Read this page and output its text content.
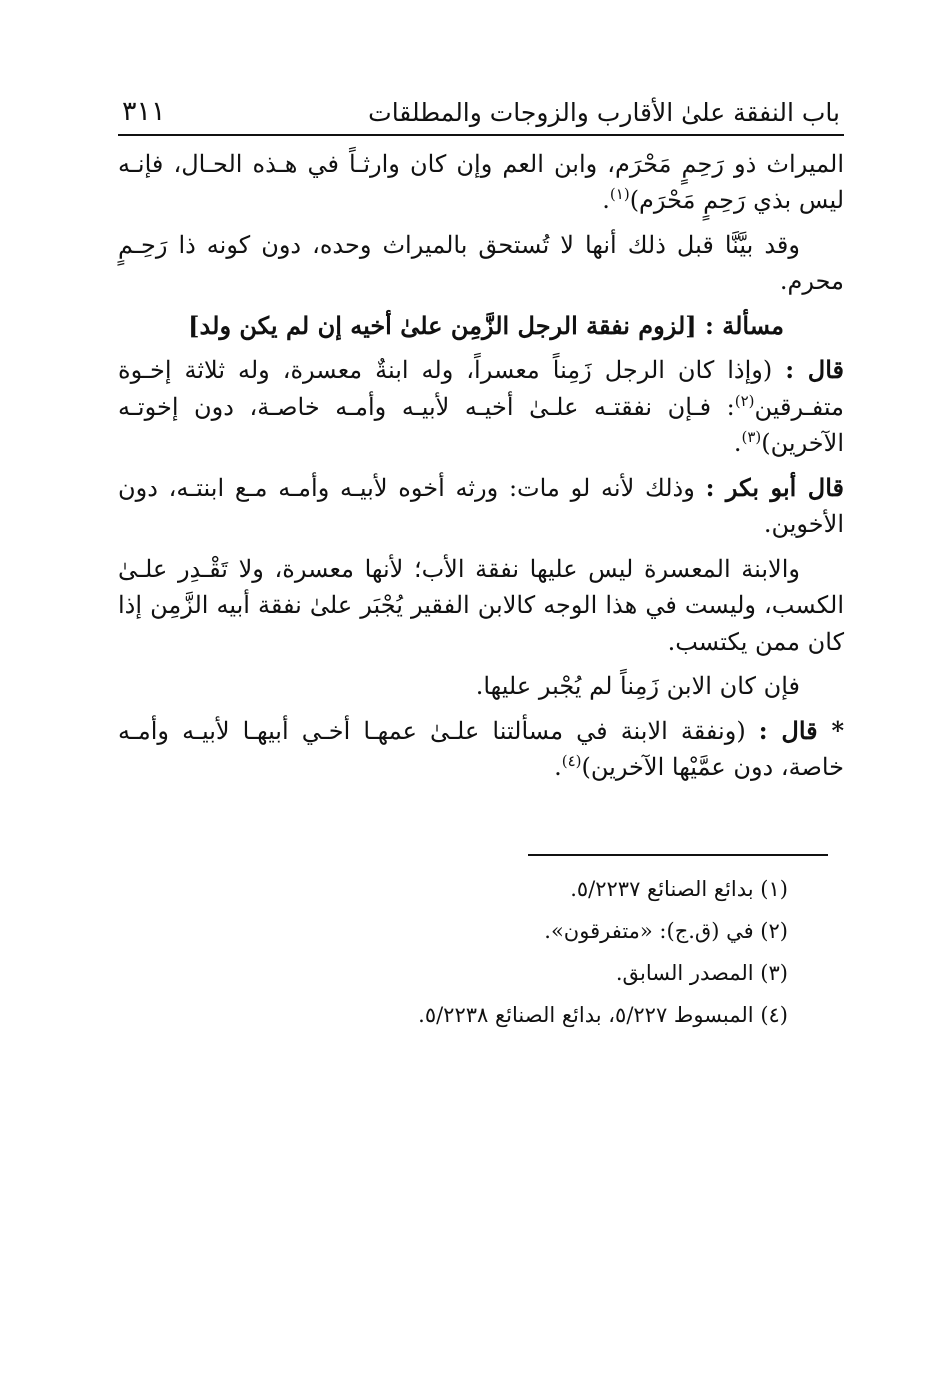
باب النفقة علىٰ الأقارب والزوجات والمطلقات
٣١١

الميراث ذو رَحِمٍ مَحْرَم، وابن العم وإن كان وارثـاً في هـذه الحـال، فإنـه ليس بذي رَحِمٍ مَحْرَم)$^{(١)}$.

وقد بيَّنَّا قبل ذلك أنها لا تُستحق بالميراث وحده، دون كونه ذا رَحِـمٍ محرم.

مسألة : [لزوم نفقة الرجل الزَّمِن علىٰ أخيه إن لم يكن ولد]

قال : (وإذا كان الرجل زَمِناً معسراً، وله ابنةٌ معسرة، وله ثلاثة إخـوة متفـرقين$^{(٢)}$: فـإن نفقتـه علـىٰ أخيـه لأبيـه وأمـه خاصـة، دون إخوتـه الآخرين)$^{(٣)}$.

قال أبو بكر : وذلك لأنه لو مات: ورثه أخوه لأبيـه وأمـه مـع ابنتـه، دون الأخوين.

والابنة المعسرة ليس عليها نفقة الأب؛ لأنها معسرة، ولا تَقْـدِر علـىٰ الكسب، وليست في هذا الوجه كالابن الفقير يُجْبَر علىٰ نفقة أبيه الزَّمِن إذا كان ممن يكتسب.

فإن كان الابن زَمِناً لم يُجْبر عليها.

* قال : (ونفقة الابنة في مسألتنا علـىٰ عمهـا أخـي أبيهـا لأبيـه وأمـه خاصة، دون عمَّيْها الآخرين)$^{(٤)}$.

(١) بدائع الصنائع ٥/٢٢٣٧.
(٢) في (ق.ج): «متفرقون».
(٣) المصدر السابق.
(٤) المبسوط ٥/٢٢٧، بدائع الصنائع ٥/٢٢٣٨.
